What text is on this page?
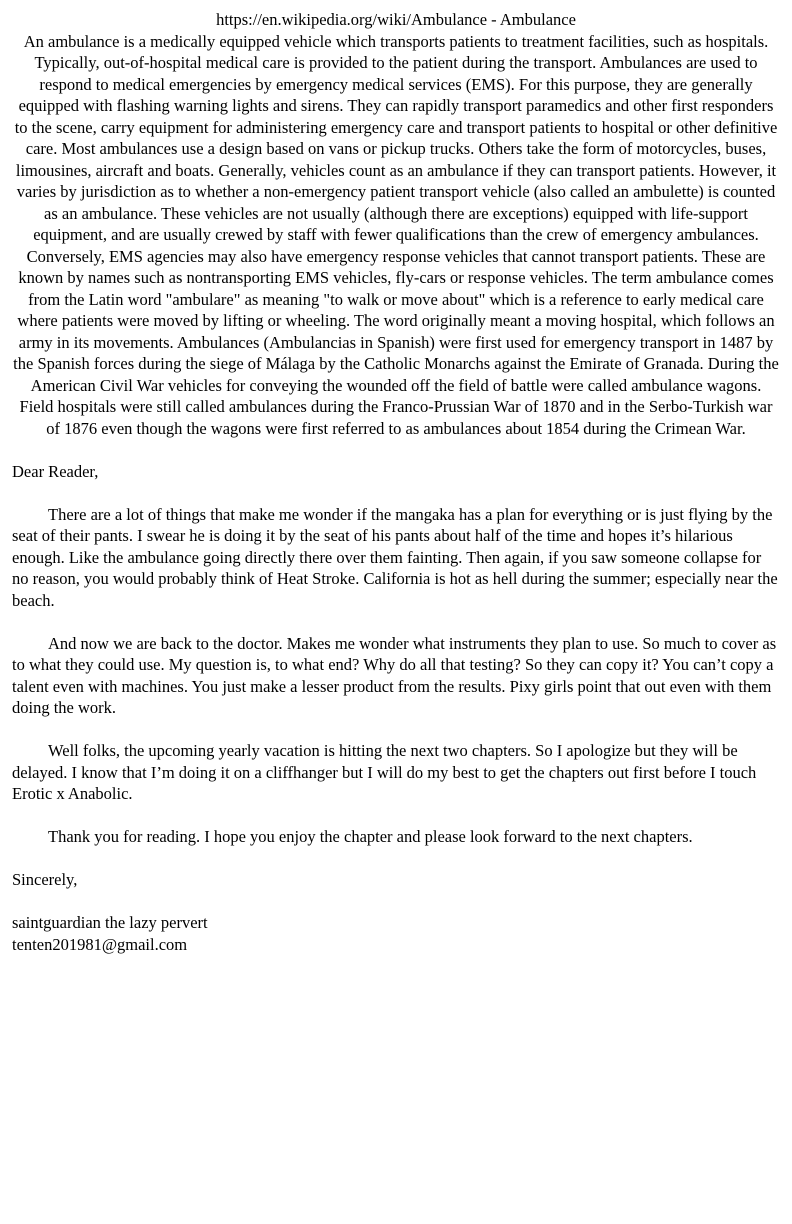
https://en.wikipedia.org/wiki/Ambulance - Ambulance

An ambulance is a medically equipped vehicle which transports patients to treatment facilities, such as hospitals. Typically, out-of-hospital medical care is provided to the patient during the transport. Ambulances are used to respond to medical emergencies by emergency medical services (EMS). For this purpose, they are generally equipped with flashing warning lights and sirens. They can rapidly transport paramedics and other first responders to the scene, carry equipment for administering emergency care and transport patients to hospital or other definitive care. Most ambulances use a design based on vans or pickup trucks. Others take the form of motorcycles, buses, limousines, aircraft and boats. Generally, vehicles count as an ambulance if they can transport patients. However, it varies by jurisdiction as to whether a non-emergency patient transport vehicle (also called an ambulette) is counted as an ambulance. These vehicles are not usually (although there are exceptions) equipped with life-support equipment, and are usually crewed by staff with fewer qualifications than the crew of emergency ambulances. Conversely, EMS agencies may also have emergency response vehicles that cannot transport patients. These are known by names such as nontransporting EMS vehicles, fly-cars or response vehicles. The term ambulance comes from the Latin word "ambulare" as meaning "to walk or move about" which is a reference to early medical care where patients were moved by lifting or wheeling. The word originally meant a moving hospital, which follows an army in its movements. Ambulances (Ambulancias in Spanish) were first used for emergency transport in 1487 by the Spanish forces during the siege of Málaga by the Catholic Monarchs against the Emirate of Granada. During the American Civil War vehicles for conveying the wounded off the field of battle were called ambulance wagons. Field hospitals were still called ambulances during the Franco-Prussian War of 1870 and in the Serbo-Turkish war of 1876 even though the wagons were first referred to as ambulances about 1854 during the Crimean War.

Dear Reader,

There are a lot of things that make me wonder if the mangaka has a plan for everything or is just flying by the seat of their pants. I swear he is doing it by the seat of his pants about half of the time and hopes it’s hilarious enough. Like the ambulance going directly there over them fainting. Then again, if you saw someone collapse for no reason, you would probably think of Heat Stroke. California is hot as hell during the summer; especially near the beach.

And now we are back to the doctor. Makes me wonder what instruments they plan to use. So much to cover as to what they could use. My question is, to what end? Why do all that testing? So they can copy it? You can’t copy a talent even with machines. You just make a lesser product from the results. Pixy girls point that out even with them doing the work.

Well folks, the upcoming yearly vacation is hitting the next two chapters. So I apologize but they will be delayed. I know that I’m doing it on a cliffhanger but I will do my best to get the chapters out first before I touch Erotic x Anabolic.

Thank you for reading. I hope you enjoy the chapter and please look forward to the next chapters.

Sincerely,

saintguardian the lazy pervert

tenten201981@gmail.com
